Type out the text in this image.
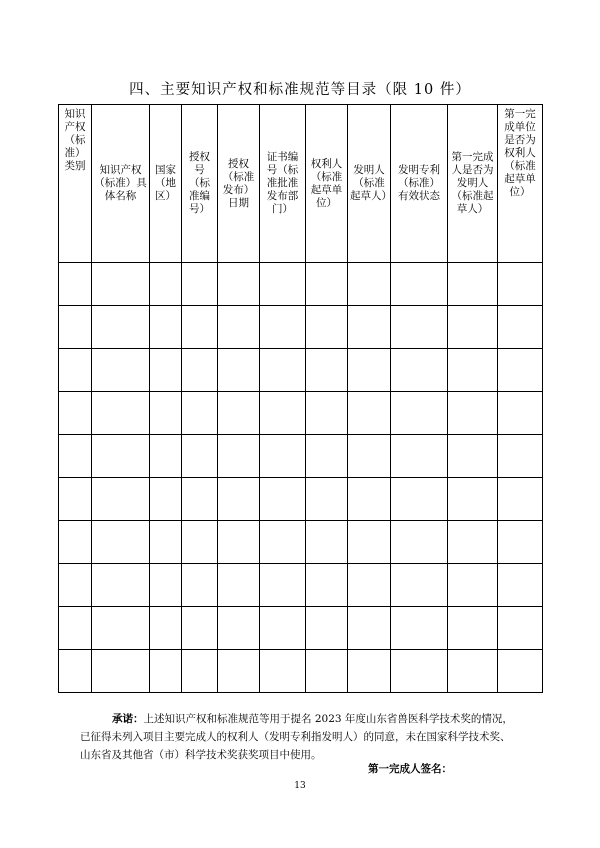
四、主要知识产权和标准规范等目录（限 10 件）
知识产权（标准）类别	知识产权（标准）具体名称	国家（地区）	授权号（标准编号）	授权（标准发布）日期	证书编号（标准批准发布部门）	权利人（标准起草单位）	发明人（标准起草人）	发明专利（标准）有效状态	第一完成人是否为发明人（标准起草人）	第一完成单位是否为权利人（标准起草单位）

承诺：上述知识产权和标准规范等用于提名 2023 年度山东省兽医科学技术奖的情况，已征得未列入项目主要完成人的权利人（发明专利指发明人）的同意，未在国家科学技术奖、山东省及其他省（市）科学技术奖获奖项目中使用。
第一完成人签名：
13
